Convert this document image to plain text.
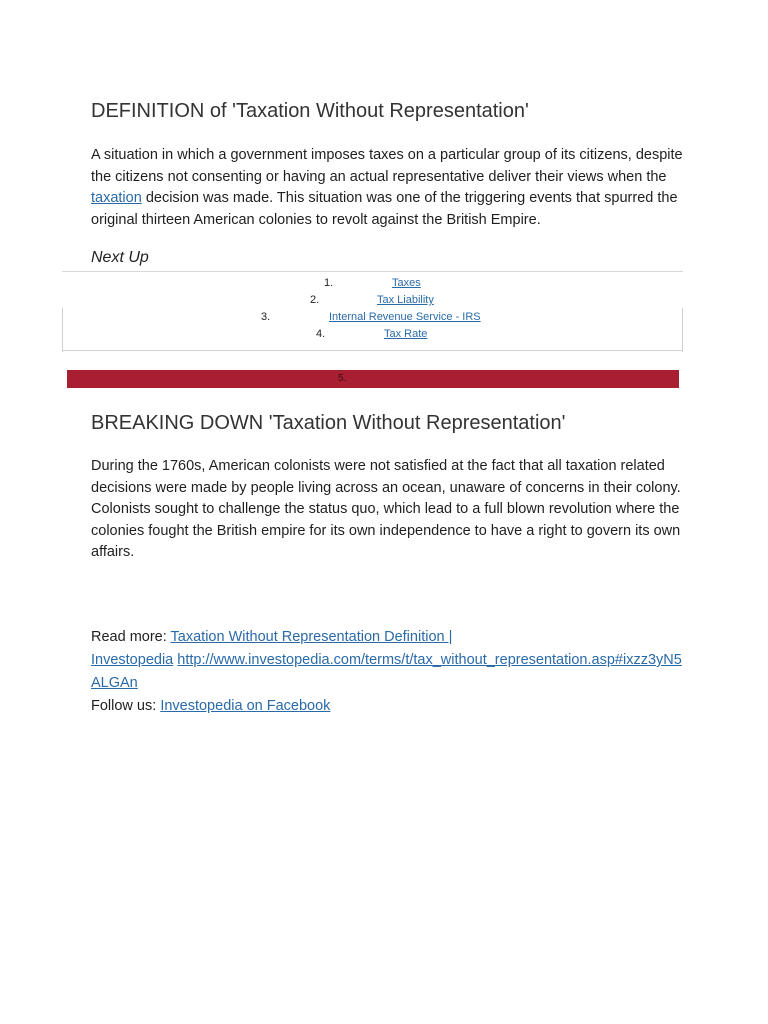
DEFINITION of 'Taxation Without Representation'

A situation in which a government imposes taxes on a particular group of its citizens, despite the citizens not consenting or having an actual representative deliver their views when the taxation decision was made. This situation was one of the triggering events that spurred the original thirteen American colonies to revolt against the British Empire.

Next Up

1.	Taxes
2.	Tax Liability
3.	Internal Revenue Service - IRS
4.	Tax Rate
5.
BREAKING DOWN 'Taxation Without Representation'

During the 1760s, American colonists were not satisfied at the fact that all taxation related decisions were made by people living across an ocean, unaware of concerns in their colony. Colonists sought to challenge the status quo, which lead to a full blown revolution where the colonies fought the British empire for its own independence to have a right to govern its own affairs.

Read more: Taxation Without Representation Definition |
Investopedia http://www.investopedia.com/terms/t/tax_without_representation.asp#ixzz3yN5
ALGAn
Follow us: Investopedia on Facebook
